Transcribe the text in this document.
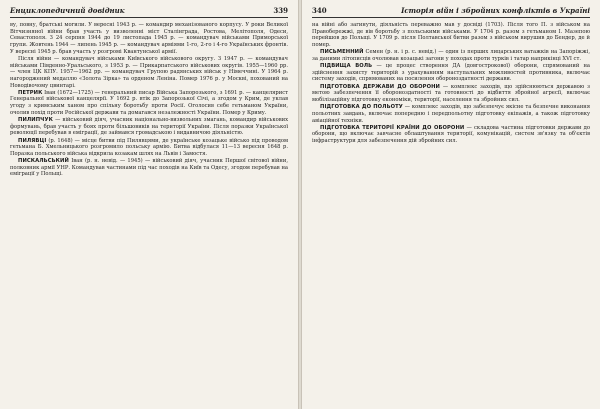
Енциклопедичний довідник	339

ву, повну, братські могили. У вересні 1943 р. — командир механізованого корпусу. У роки Великої Вітчизняної війни брав участь у визволенні міст Сталінграда, Ростова, Мелітополя, Одеси, Севастополя. З 24 серпня 1944 до 19 листопада 1945 р. — командувач військами Приморської групи. Жовтень 1944 — липень 1945 р. — командувач арміями 1-го, 2-го і 4-го Українських фронтів. У вересні 1945 р. брав участь у розгромі Квантунської армії.

Після війни — командувач військами Київського військового округу. З 1947 р. — командувач військами Південно-Уральського, з 1953 р. — Прикарпатського військових округів. 1955—1960 рр. — член ЦК КПУ. 1957—1962 рр. — командувач Групою радянських військ у Німеччині. У 1964 р. нагороджений медаллю «Золота Зірка» та орденом Леніна. Помер 1976 р. у Москві, похований на Новодівочому цвинтарі.

ПЕТРИК Іван (1672—1725) — генеральний писар Війська Запорозького, з 1691 р. — канцелярист Генеральної військової канцелярії. У 1692 р. втік до Запорозької Січі, а згодом у Крим, де уклав угоду з кримським ханом про спільну боротьбу проти Росії. Оголосив себе гетьманом України, очолив похід проти Російської держави та домагався незалежності України. Помер у Криму.

ПИЛИПЧУК — військовий діяч, учасник національно-визвольних змагань, командир військових формувань, брав участь у боях проти більшовиків на території України. Після поразки Української революції перебував в еміграції, де займався громадською і видавничою діяльністю.

ПИЛЯВЦІ (р. 1648) — місце битви під Пилявцями, де українське козацьке військо під проводом гетьмана Б. Хмельницького розгромило польську армію. Битва відбулася 11—13 вересня 1648 р. Поразка польського війська відкрила козакам шлях на Львів і Замостя.

ПИСКАЛЬСЬКИЙ Іван (р. н. невід. — 1945) — військовий діяч, учасник Першої світової війни, полковник армії УНР. Командував частинами під час походів на Київ та Одесу, згодом перебував на еміграції у Польщі.

340	Історія війн і збройних конфліктів в Україні

на війні або загинути, діяльність переважно мав у досвіді (1703). Після того П. з військом на Правобережжі, де вів боротьбу з польськими військами. У 1704 р. разом з гетьманом І. Мазепою перейшов до Польщі. У 1709 р. після Полтавської битви разом з військом вирушив до Бендер, де й помер.

ПИСЬМЕННИЙ Семен (р. н. і р. с. невід.) — один із перших лицарських ватажків на Запоріжжі, за даними літописців очолював козацькі загони у походах проти турків і татар наприкінці XVI ст.

ПІДВИЩА ВОЛЬ — це процес створення ДА (довгострокової) оборони, спрямований на здійснення захисту територій з урахуванням наступальних можливостей противника, включає систему заходів, спрямованих на посилення обороноздатності держави.

ПІДГОТОВКА ДЕРЖАВИ ДО ОБОРОНИ — комплекс заходів, що здійснюються державою з метою забезпечення її обороноздатності та готовності до відбиття збройної агресії, включає мобілізаційну підготовку економіки, території, населення та збройних сил.

ПІДГОТОВКА ДО ПОЛЬОТУ — комплекс заходів, що забезпечує якісне та безпечне виконання польотних завдань, включає попередню і передпольотну підготовку екіпажів, а також підготовку авіаційної техніки.

ПІДГОТОВКА ТЕРИТОРІЇ КРАЇНИ ДО ОБОРОНИ — складова частина підготовки держави до оборони, що включає завчасне облаштування території, комунікацій, систем зв'язку та об'єктів інфраструктури для забезпечення дій збройних сил.
